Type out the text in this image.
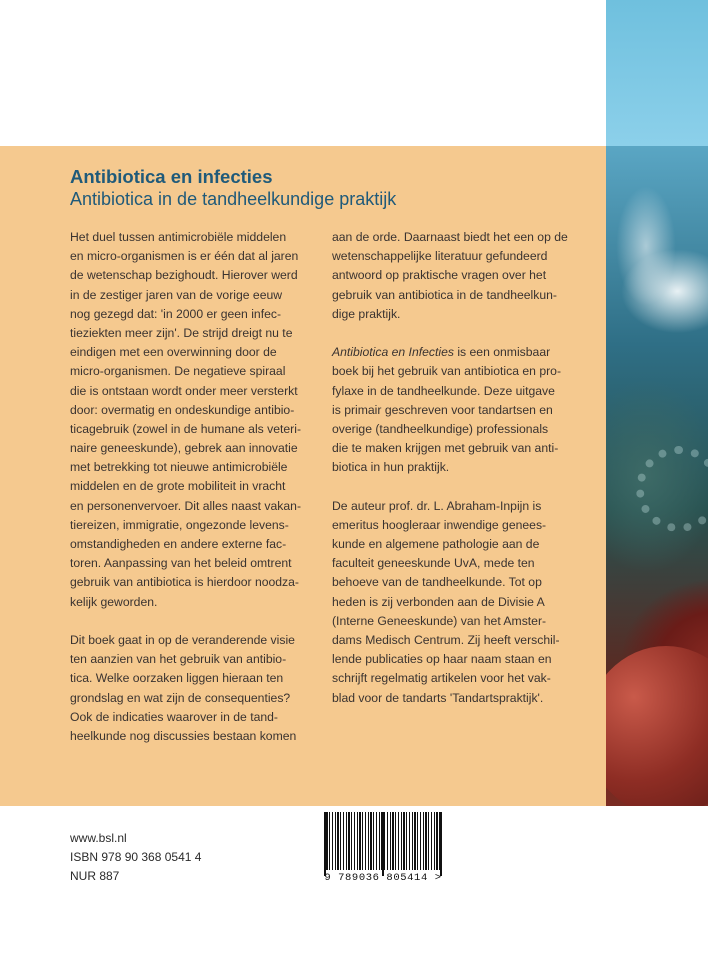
Antibiotica en infecties
Antibiotica in de tandheelkundige praktijk
Het duel tussen antimicrobiële middelen
en micro-organismen is er één dat al jaren
de wetenschap bezighoudt. Hierover werd
in de zestiger jaren van de vorige eeuw
nog gezegd dat: 'in 2000 er geen infec-
tieziekten meer zijn'. De strijd dreigt nu te
eindigen met een overwinning door de
micro-organismen. De negatieve spiraal
die is ontstaan wordt onder meer versterkt
door: overmatig en ondeskundige antibio-
ticagebruik (zowel in de humane als veteri-
naire geneeskunde), gebrek aan innovatie
met betrekking tot nieuwe antimicrobiële
middelen en de grote mobiliteit in vracht
en personenvervoer. Dit alles naast vakan-
tiereizen, immigratie, ongezonde levens-
omstandigheden en andere externe fac-
toren. Aanpassing van het beleid omtrent
gebruik van antibiotica is hierdoor noodza-
kelijk geworden.
Dit boek gaat in op de veranderende visie
ten aanzien van het gebruik van antibio-
tica. Welke oorzaken liggen hieraan ten
grondslag en wat zijn de consequenties?
Ook de indicaties waarover in de tand-
heelkunde nog discussies bestaan komen
aan de orde. Daarnaast biedt het een op de
wetenschappelijke literatuur gefundeerd
antwoord op praktische vragen over het
gebruik van antibiotica in de tandheelkun-
dige praktijk.
Antibiotica en Infecties is een onmisbaar
boek bij het gebruik van antibiotica en pro-
fylaxe in de tandheelkunde. Deze uitgave
is primair geschreven voor tandartsen en
overige (tandheelkundige) professionals
die te maken krijgen met gebruik van anti-
biotica in hun praktijk.
De auteur prof. dr. L. Abraham-Inpijn is
emeritus hoogleraar inwendige genees-
kunde en algemene pathologie aan de
faculteit geneeskunde UvA, mede ten
behoeve van de tandheelkunde. Tot op
heden is zij verbonden aan de Divisie A
(Interne Geneeskunde) van het Amster-
dams Medisch Centrum. Zij heeft verschil-
lende publicaties op haar naam staan en
schrijft regelmatig artikelen voor het vak-
blad voor de tandarts 'Tandartspraktijk'.
www.bsl.nl
ISBN 978 90 368 0541 4
NUR 887	9 789036 805414 >
